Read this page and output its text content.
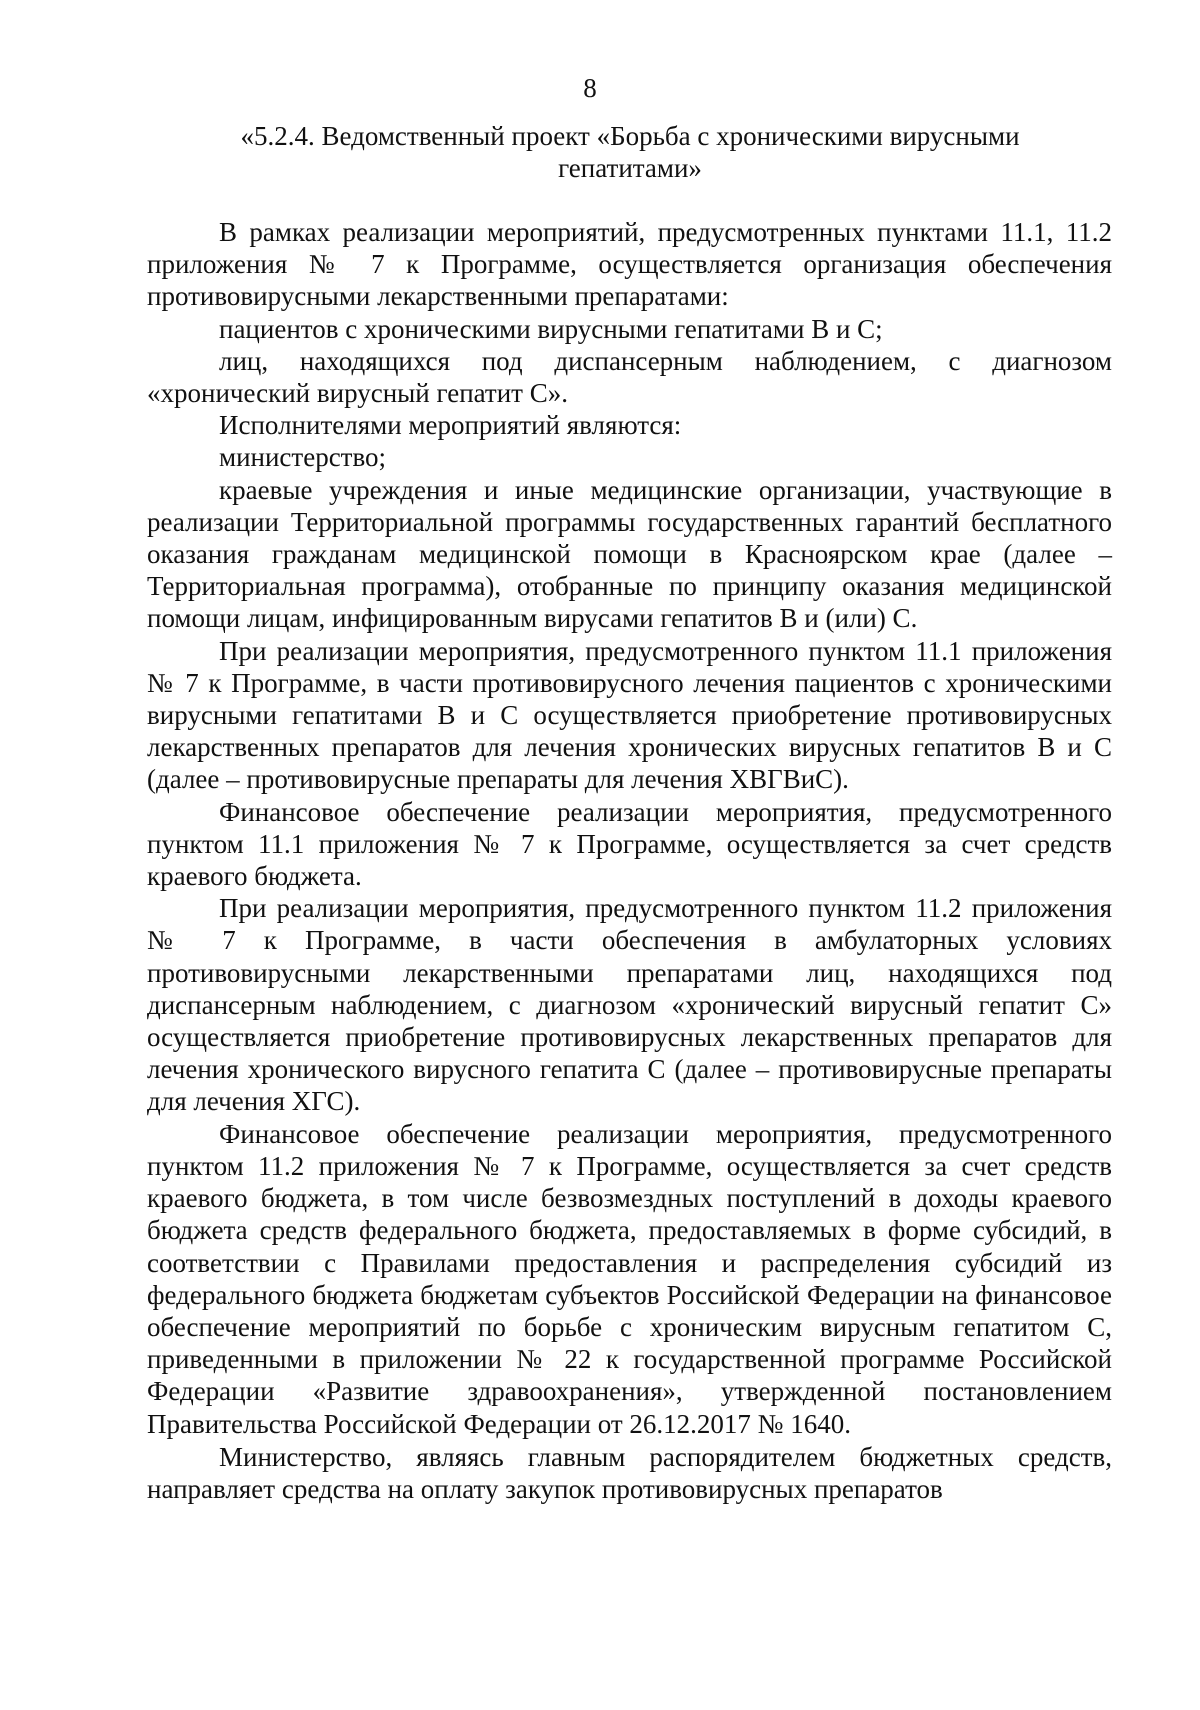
8
«5.2.4. Ведомственный проект «Борьба с хроническими вирусными
гепатитами»

В рамках реализации мероприятий, предусмотренных пунктами 11.1, 11.2 приложения № 7 к Программе, осуществляется организация обеспечения противовирусными лекарственными препаратами:

пациентов с хроническими вирусными гепатитами В и С;

лиц, находящихся под диспансерным наблюдением, с диагнозом «хронический вирусный гепатит С».

Исполнителями мероприятий являются:

министерство;

краевые учреждения и иные медицинские организации, участвующие в реализации Территориальной программы государственных гарантий бесплатного оказания гражданам медицинской помощи в Красноярском крае (далее – Территориальная программа), отобранные по принципу оказания медицинской помощи лицам, инфицированным вирусами гепатитов В и (или) С.

При реализации мероприятия, предусмотренного пунктом 11.1 приложения № 7 к Программе, в части противовирусного лечения пациентов с хроническими вирусными гепатитами В и С осуществляется приобретение противовирусных лекарственных препаратов для лечения хронических вирусных гепатитов В и С (далее – противовирусные препараты для лечения ХВГВиС).

Финансовое обеспечение реализации мероприятия, предусмотренного пунктом 11.1 приложения № 7 к Программе, осуществляется за счет средств краевого бюджета.

При реализации мероприятия, предусмотренного пунктом 11.2 приложения № 7 к Программе, в части обеспечения в амбулаторных условиях противовирусными лекарственными препаратами лиц, находящихся под диспансерным наблюдением, с диагнозом «хронический вирусный гепатит С» осуществляется приобретение противовирусных лекарственных препаратов для лечения хронического вирусного гепатита С (далее – противовирусные препараты для лечения ХГС).

Финансовое обеспечение реализации мероприятия, предусмотренного пунктом 11.2 приложения № 7 к Программе, осуществляется за счет средств краевого бюджета, в том числе безвозмездных поступлений в доходы краевого бюджета средств федерального бюджета, предоставляемых в форме субсидий, в соответствии с Правилами предоставления и распределения субсидий из федерального бюджета бюджетам субъектов Российской Федерации на финансовое обеспечение мероприятий по борьбе с хроническим вирусным гепатитом С, приведенными в приложении № 22 к государственной программе Российской Федерации «Развитие здравоохранения», утвержденной постановлением Правительства Российской Федерации от 26.12.2017 № 1640.

Министерство, являясь главным распорядителем бюджетных средств, направляет средства на оплату закупок противовирусных препаратов
